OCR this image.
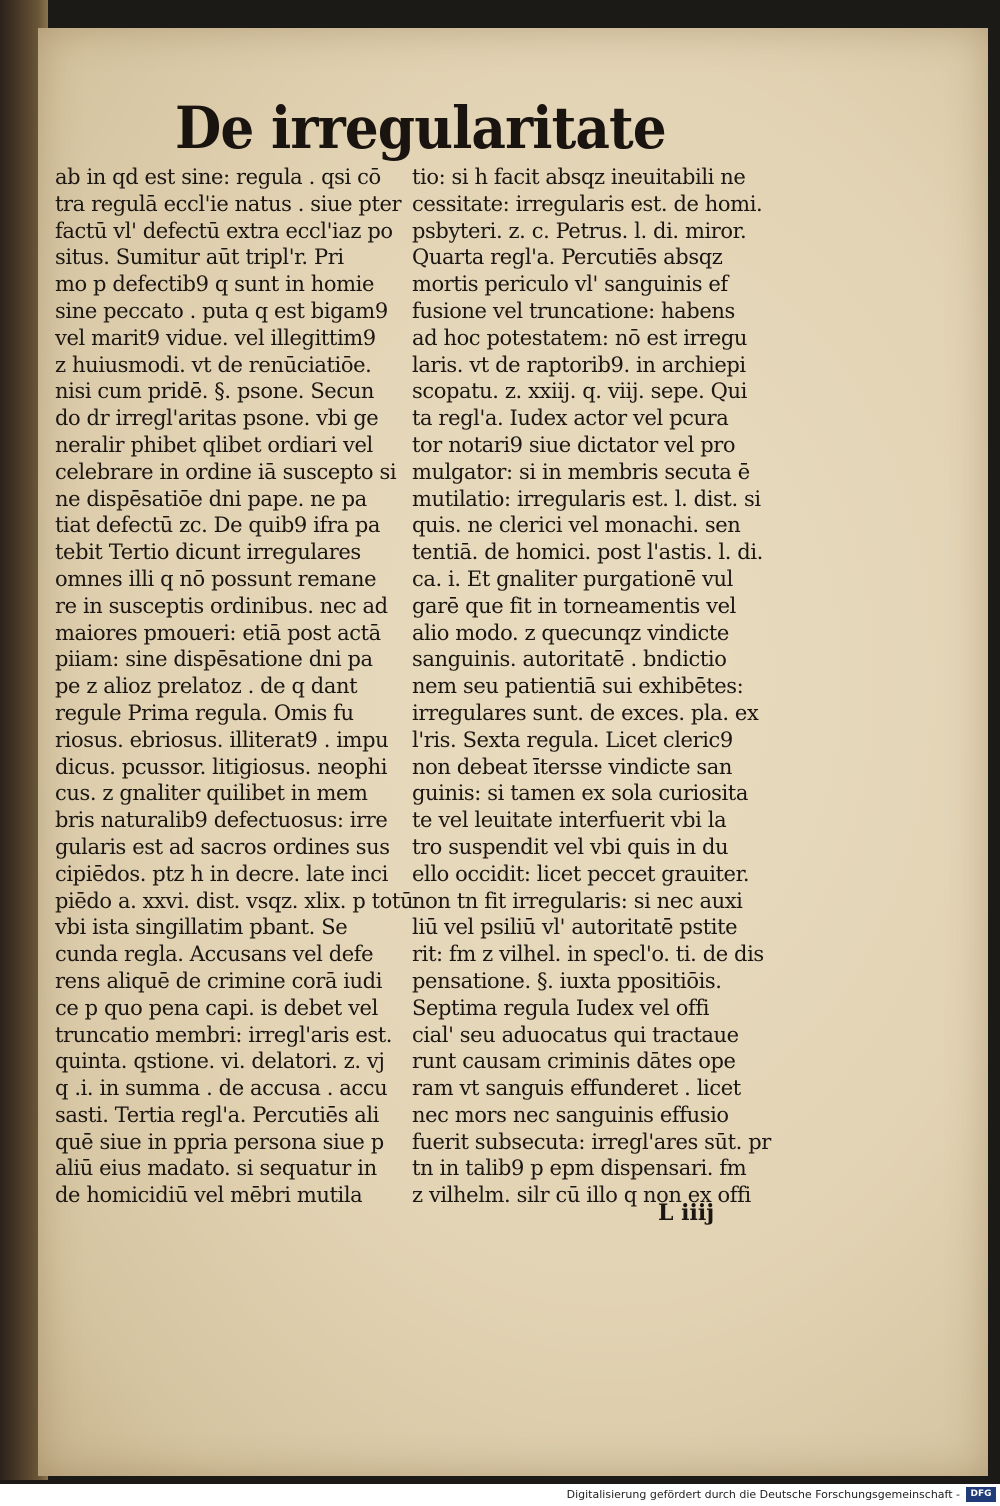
De irregularitate
ab in qd est sine: regula . qsi cō
tra regulā eccl'ie natus . siue pter
factū vl' defectū extra eccl'iaz po
situs. Sumitur aūt tripl'r. Pri
mo p defectib9 q sunt in homie
sine peccato . puta q est bigam9
vel marit9 vidue. vel illegittim9
z huiusmodi. vt de renūciatiōe.
nisi cum pridē. §. psone. Secun
do dr irregl'aritas psone. vbi ge
neralir phibet qlibet ordiari vel
celebrare in ordine iā suscepto si
ne dispēsatiōe dni pape. ne pa
tiat defectū zc. De quib9 ifra pa
tebit Tertio dicunt irregulares
omnes illi q nō possunt remane
re in susceptis ordinibus. nec ad
maiores pmoueri: etiā post actā
piiam: sine dispēsatione dni pa
pe z alioz prelatoz . de q dant
regule Prima regula. Omis fu
riosus. ebriosus. illiterat9 . impu
dicus. pcussor. litigiosus. neophi
cus. z gnaliter quilibet in mem
bris naturalib9 defectuosus: irre
gularis est ad sacros ordines sus
cipiēdos. ptz h in decre. late inci
piēdo a. xxvi. dist. vsqz. xlix. p totū
vbi ista singillatim pbant. Se
cunda regla. Accusans vel defe
rens aliquē de crimine corā iudi
ce p quo pena capi. is debet vel
truncatio membri: irregl'aris est.
quinta. qstione. vi. delatori. z. vj
q .i. in summa . de accusa . accu
sasti. Tertia regl'a. Percutiēs ali
quē siue in ppria persona siue p
aliū eius madato. si sequatur in
de homicidiū vel mēbri mutila
tio: si h facit absqz ineuitabili ne
cessitate: irregularis est. de homi.
psbyteri. z. c. Petrus. l. di. miror.
Quarta regl'a. Percutiēs absqz
mortis periculo vl' sanguinis ef
fusione vel truncatione: habens
ad hoc potestatem: nō est irregu
laris. vt de raptorib9. in archiepi
scopatu. z. xxiij. q. viij. sepe. Qui
ta regl'a. Iudex actor vel pcura
tor notari9 siue dictator vel pro
mulgator: si in membris secuta ē
mutilatio: irregularis est. l. dist. si
quis. ne clerici vel monachi. sen
tentiā. de homici. post l'astis. l. di.
ca. i. Et gnaliter purgationē vul
garē que fit in torneamentis vel
alio modo. z quecunqz vindicte
sanguinis. autoritatē . bndictio
nem seu patientiā sui exhibētes:
irregulares sunt. de exces. pla. ex
l'ris. Sexta regula. Licet cleric9
non debeat ītersse vindicte san
guinis: si tamen ex sola curiosita
te vel leuitate interfuerit vbi la
tro suspendit vel vbi quis in du
ello occidit: licet peccet grauiter.
non tn fit irregularis: si nec auxi
liū vel psiliū vl' autoritatē pstite
rit: fm z vilhel. in specl'o. ti. de dis
pensatione. §. iuxta ppositiōis.
Septima regula Iudex vel offi
cial' seu aduocatus qui tractaue
runt causam criminis dātes ope
ram vt sanguis effunderet . licet
nec mors nec sanguinis effusio
fuerit subsecuta: irregl'ares sūt. pr
tn in talib9 p epm dispensari. fm
z vilhelm. silr cū illo q non ex offi
L iiij
Digitalisierung gefördert durch die Deutsche Forschungsgemeinschaft -	DFG
